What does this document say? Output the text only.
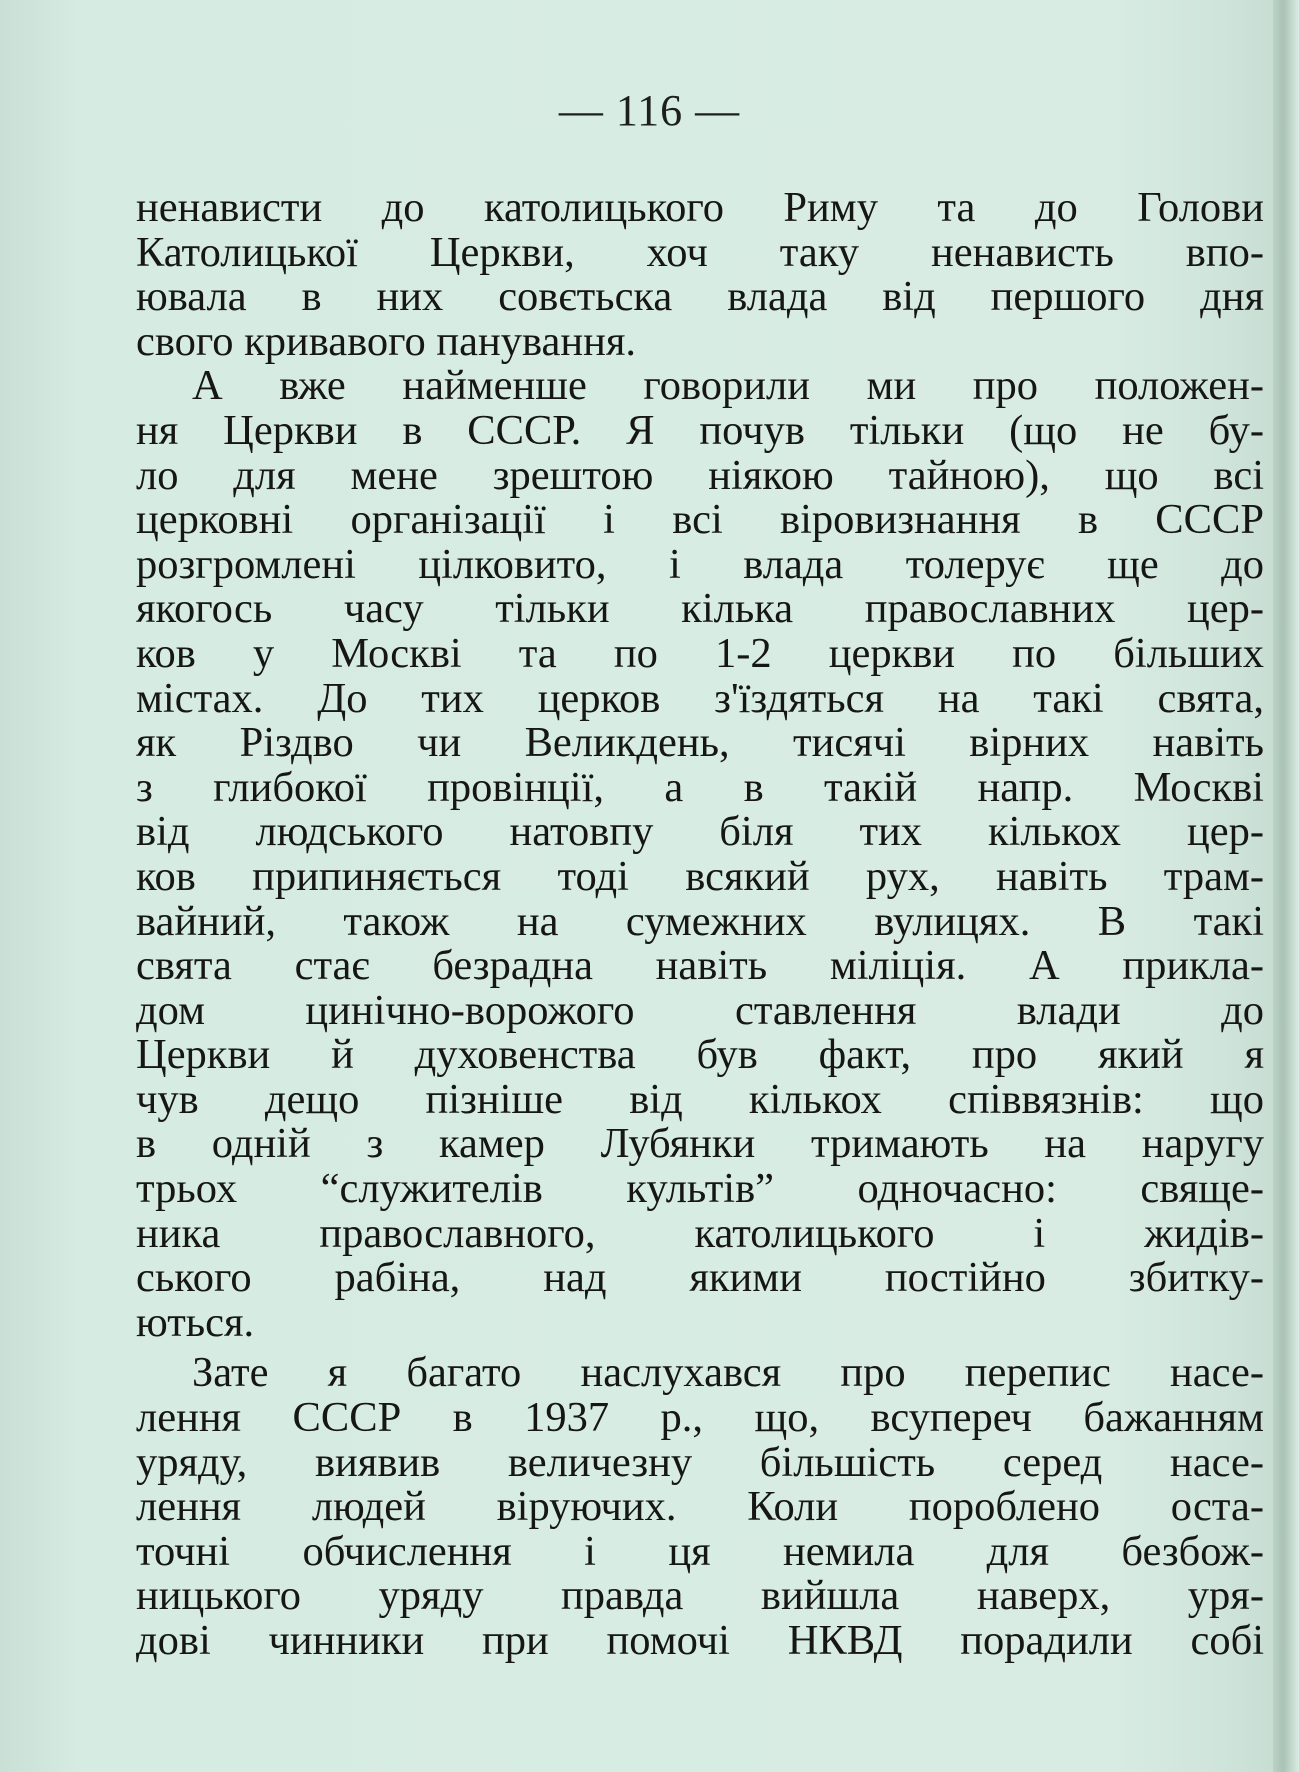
— 116 —
ненависти до католицького Риму та до Голови
Католицької Церкви, хоч таку ненависть впо-
ювала в них совєтьска влада від першого дня
свого кривавого панування.
А вже найменше говорили ми про положен-
ня Церкви в СССР. Я почув тільки (що не бу-
ло для мене зрештою ніякою тайною), що всі
церковні організації і всі віровизнання в СССР
розгромлені цілковито, і влада толерує ще до
якогось часу тільки кілька православних цер-
ков у Москві та по 1-2 церкви по більших
містах. До тих церков з'їздяться на такі свята,
як Різдво чи Великдень, тисячі вірних навіть
з глибокої провінції, а в такій напр. Москві
від людського натовпу біля тих кількох цер-
ков припиняється тоді всякий рух, навіть трам-
вайний, також на сумежних вулицях. В такі
свята стає безрадна навіть міліція. А прикла-
дом цинічно-ворожого ставлення влади до
Церкви й духовенства був факт, про який я
чув дещо пізніше від кількох співвязнів: що
в одній з камер Лубянки тримають на наругу
трьох “служителів культів” одночасно: свяще-
ника православного, католицького і жидів-
ського рабіна, над якими постійно збитку-
ються.
Зате я багато наслухався про перепис насе-
лення СССР в 1937 р., що, всупереч бажанням
уряду, виявив величезну більшість серед насе-
лення людей віруючих. Коли пороблено оста-
точні обчислення і ця немила для безбож-
ницького уряду правда вийшла наверх, уря-
дові чинники при помочі НКВД порадили собі
